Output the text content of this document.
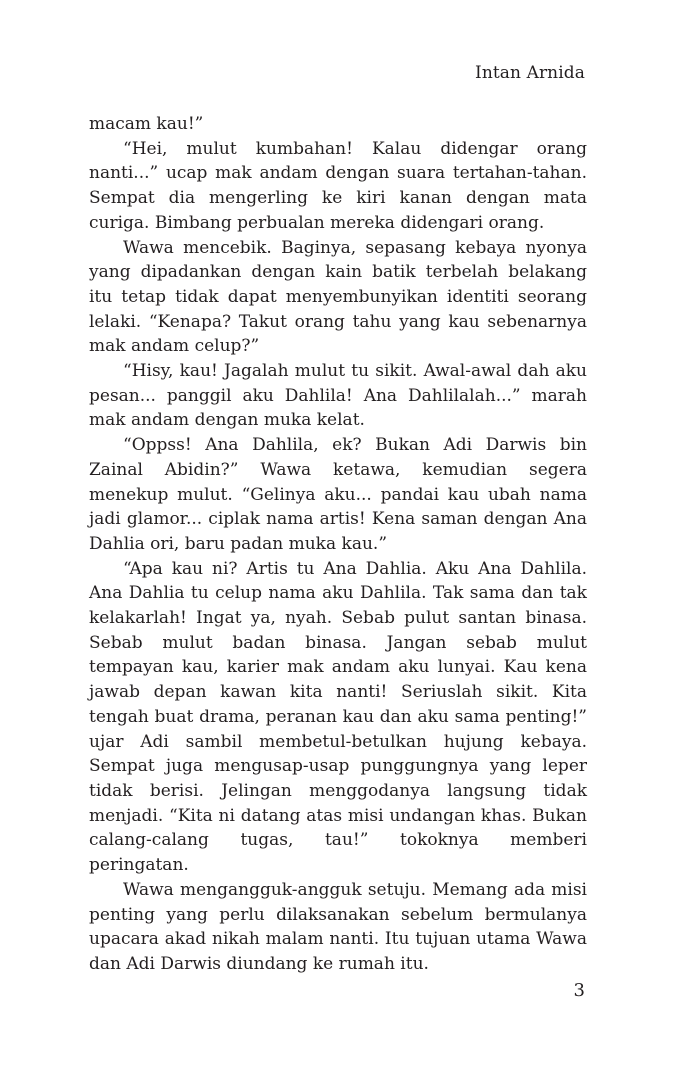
Intan Arnida

macam kau!”

“Hei, mulut kumbahan! Kalau didengar orang nanti...” ucap mak andam dengan suara tertahan-tahan. Sempat dia mengerling ke kiri kanan dengan mata curiga. Bimbang perbualan mereka didengari orang.

Wawa mencebik. Baginya, sepasang kebaya nyonya yang dipadankan dengan kain batik terbelah belakang itu tetap tidak dapat menyembunyikan identiti seorang lelaki. “Kenapa? Takut orang tahu yang kau sebenarnya mak andam celup?”

“Hisy, kau! Jagalah mulut tu sikit. Awal-awal dah aku pesan... panggil aku Dahlila! Ana Dahlilalah...” marah mak andam dengan muka kelat.

“Oppss! Ana Dahlila, ek? Bukan Adi Darwis bin Zainal Abidin?” Wawa ketawa, kemudian segera menekup mulut. “Gelinya aku... pandai kau ubah nama jadi glamor... ciplak nama artis! Kena saman dengan Ana Dahlia ori, baru padan muka kau.”

“Apa kau ni? Artis tu Ana Dahlia. Aku Ana Dahlila. Ana Dahlia tu celup nama aku Dahlila. Tak sama dan tak kelakarlah! Ingat ya, nyah. Sebab pulut santan binasa. Sebab mulut badan binasa. Jangan sebab mulut tempayan kau, karier mak andam aku lunyai. Kau kena jawab depan kawan kita nanti! Seriuslah sikit. Kita tengah buat drama, peranan kau dan aku sama penting!” ujar Adi sambil membetul-betulkan hujung kebaya. Sempat juga mengusap-usap punggungnya yang leper tidak berisi. Jelingan menggodanya langsung tidak menjadi. “Kita ni datang atas misi undangan khas. Bukan calang-calang tugas, tau!” tokoknya memberi peringatan.

Wawa mengangguk-angguk setuju. Memang ada misi penting yang perlu dilaksanakan sebelum bermulanya upacara akad nikah malam nanti. Itu tujuan utama Wawa dan Adi Darwis diundang ke rumah itu.

3
